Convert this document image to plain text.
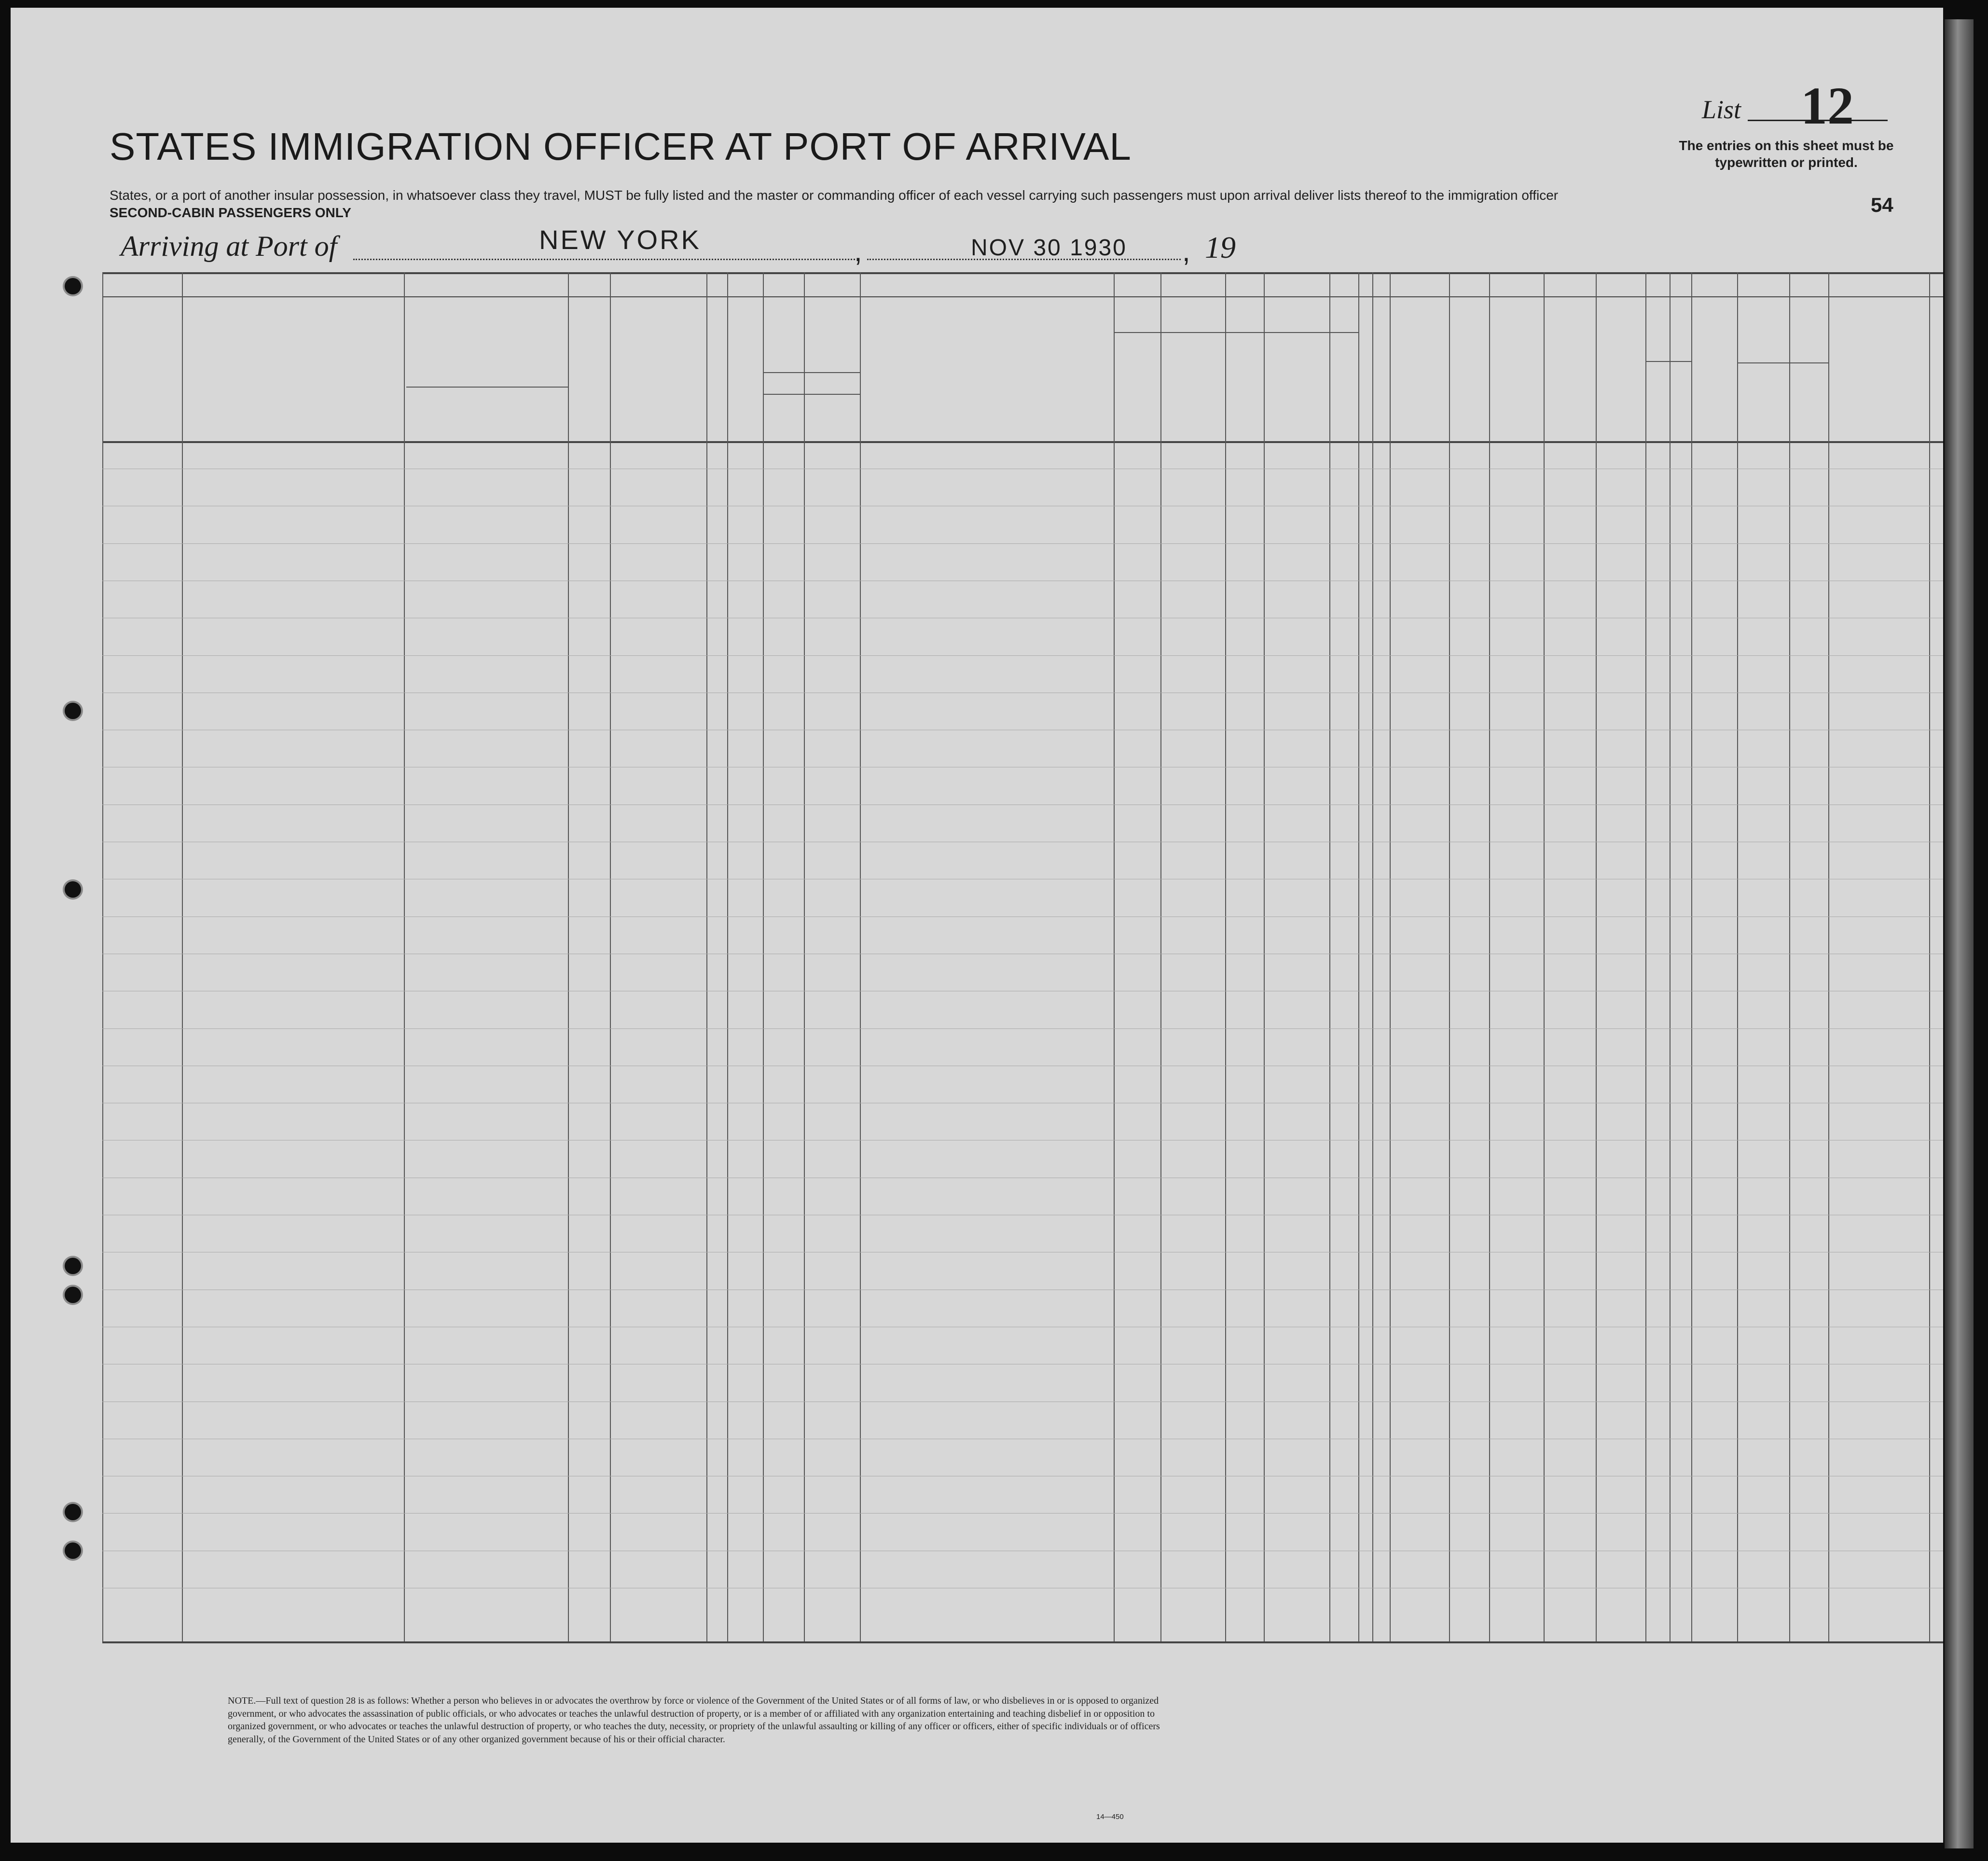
STATES IMMIGRATION OFFICER AT PORT OF ARRIVAL
List 12
The entries on this sheet must be typewritten or printed.
States, or a port of another insular possession, in whatsoever class they travel, MUST be fully listed and the master or commanding officer of each vessel carrying such passengers must upon arrival deliver lists thereof to the immigration officer
SECOND-CABIN PASSENGERS ONLY	54
Arriving at Port of	NEW YORK	,	NOV 30 1930 , 19
NOTE.—Full text of question 28 is as follows: Whether a person who believes in or advocates the overthrow by force or violence of the Government of the United States or of all forms of law, or who disbelieves in or is opposed to organized government, or who advocates the assassination of public officials, or who advocates or teaches the unlawful destruction of property, or is a member of or affiliated with any organization entertaining and teaching disbelief in or opposition to organized government, or who advocates or teaches the unlawful destruction of property, or who teaches the duty, necessity, or propriety of the unlawful assaulting or killing of any officer or officers, either of specific individuals or of officers generally, of the Government of the United States or of any other organized government because of his or their official character.
14—450
